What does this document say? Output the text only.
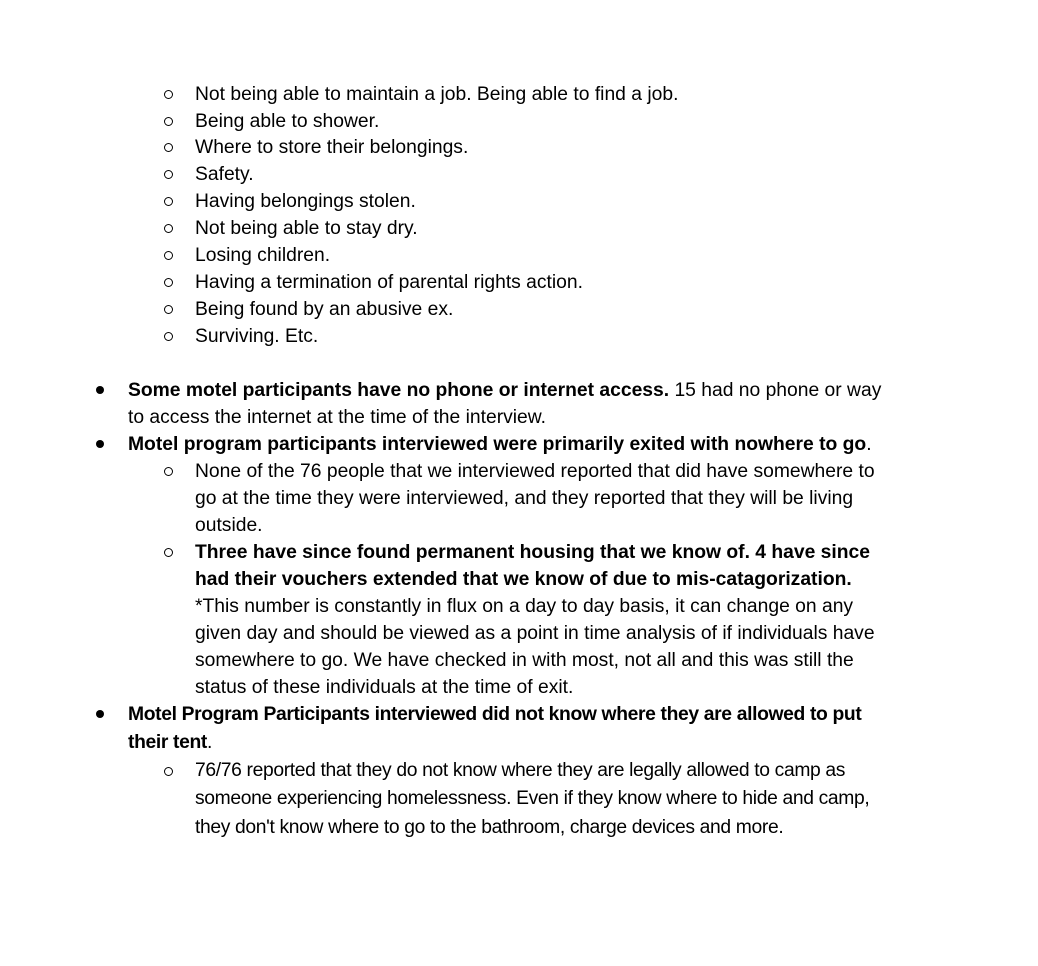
Not being able to maintain a job. Being able to find a job.
Being able to shower.
Where to store their belongings.
Safety.
Having belongings stolen.
Not being able to stay dry.
Losing children.
Having a termination of parental rights action.
Being found by an abusive ex.
Surviving. Etc.
Some motel participants have no phone or internet access. 15 had no phone or way
to access the internet at the time of the interview.
Motel program participants interviewed were primarily exited with nowhere to go.
None of the 76 people that we interviewed reported that did have somewhere to
go at the time they were interviewed, and they reported that they will be living
outside.
Three have since found permanent housing that we know of. 4 have since
had their vouchers extended that we know of due to mis-catagorization.
*This number is constantly in flux on a day to day basis, it can change on any
given day and should be viewed as a point in time analysis of if individuals have
somewhere to go. We have checked in with most, not all and this was still the
status of these individuals at the time of exit.
Motel Program Participants interviewed did not know where they are allowed to put
their tent.
76/76 reported that they do not know where they are legally allowed to camp as
someone experiencing homelessness. Even if they know where to hide and camp,
they don't know where to go to the bathroom, charge devices and more.
